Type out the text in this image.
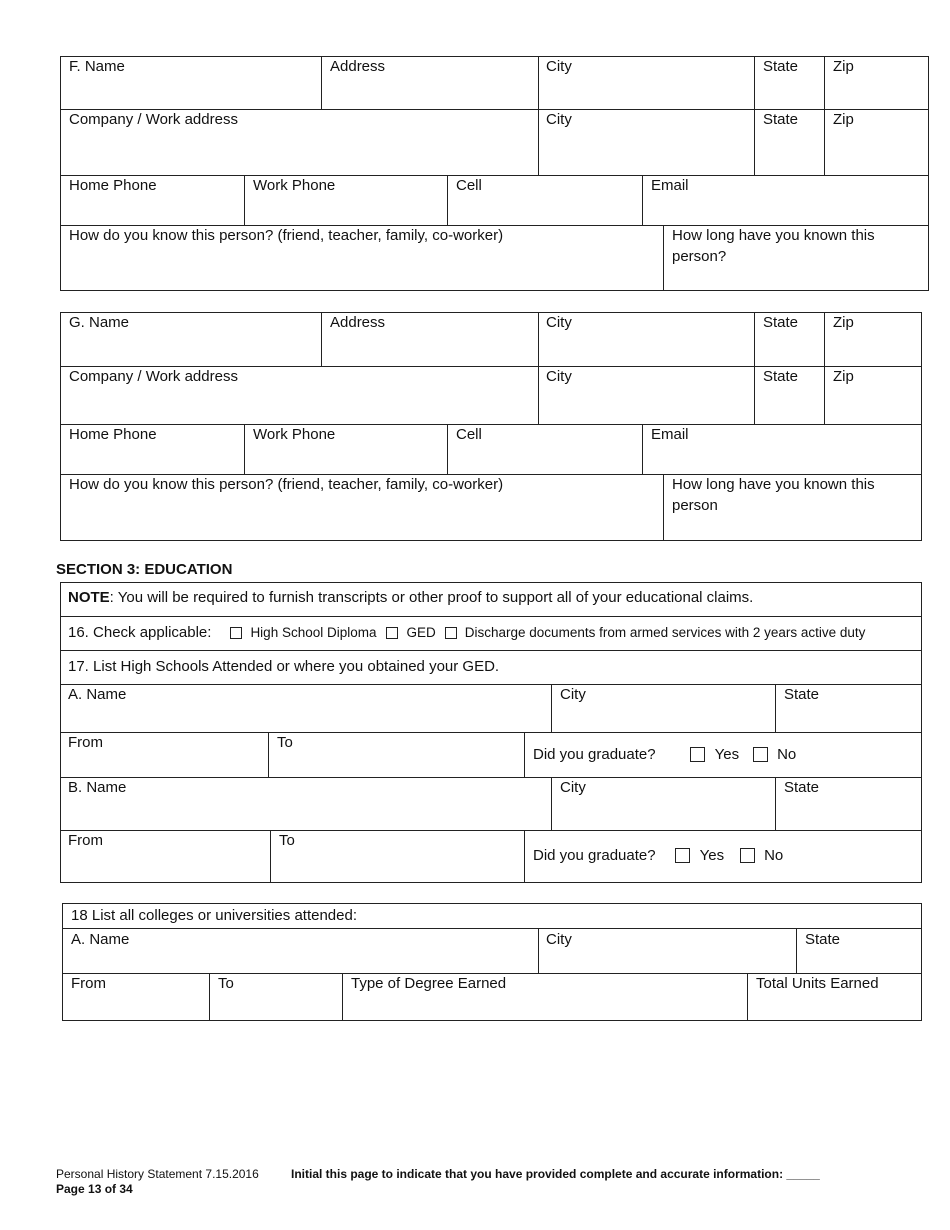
F. Name	Address	City	State Zip
Company / Work address	City	State Zip
Home Phone	Work Phone	Cell	Email
How do you know this person? (friend, teacher, family, co-worker)	How long have you known this person?
G. Name	Address	City	State Zip
Company / Work address	City	State Zip
Home Phone	Work Phone	Cell	Email
How do you know this person? (friend, teacher, family, co-worker)	How long have you known this person
SECTION 3: EDUCATION
NOTE: You will be required to furnish transcripts or other proof to support all of your educational claims.
16. Check applicable:	High School Diploma GED Discharge documents from armed services with 2 years active duty
17. List High Schools Attended or where you obtained your GED.
A. Name	City	State
From	To
Did you graduate?	Yes	No
B. Name	City	State
From	To
Did you graduate?	Yes	No
18 List all colleges or universities attended:
A. Name	City	State
From	To	Type of Degree Earned	Total Units Earned
Personal History Statement 7.15.2016	Initial this page to indicate that you have provided complete and accurate information: _____
Page 13 of 34
